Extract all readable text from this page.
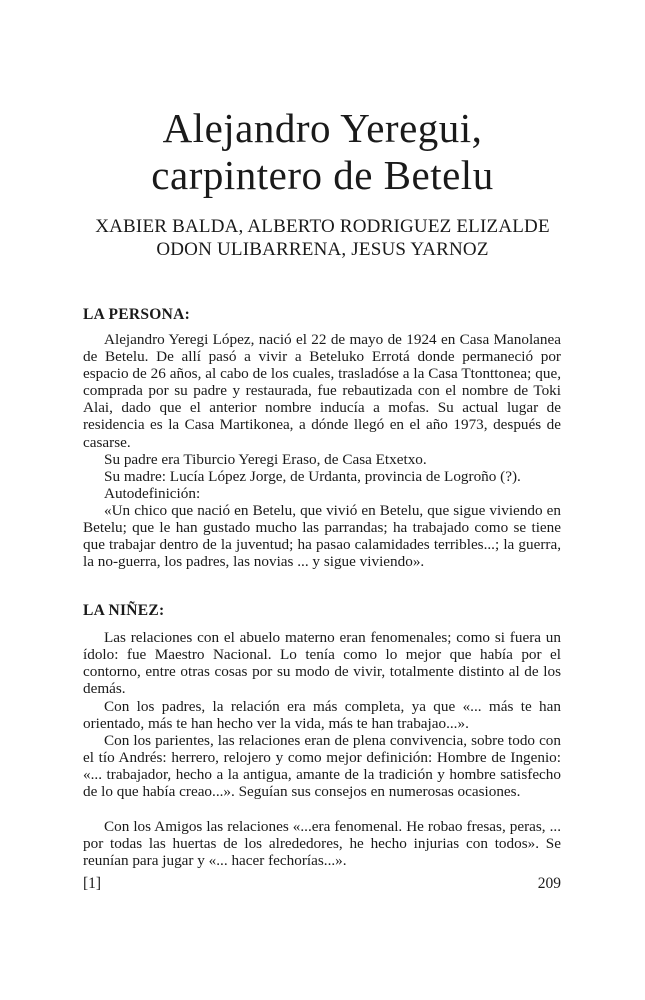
Alejandro Yeregui,
carpintero de Betelu
XABIER BALDA, ALBERTO RODRIGUEZ ELIZALDE
ODON ULIBARRENA, JESUS YARNOZ
LA PERSONA:

Alejandro Yeregi López, nació el 22 de mayo de 1924 en Casa Manolanea de Betelu. De allí pasó a vivir a Beteluko Errotá donde permaneció por espacio de 26 años, al cabo de los cuales, trasladóse a la Casa Ttonttonea; que, comprada por su padre y restaurada, fue rebautizada con el nombre de Toki Alai, dado que el anterior nombre inducía a mofas. Su actual lugar de residencia es la Casa Martikonea, a dónde llegó en el año 1973, después de casarse.

Su padre era Tiburcio Yeregi Eraso, de Casa Etxetxo.

Su madre: Lucía López Jorge, de Urdanta, provincia de Logroño (?).

Autodefinición:

«Un chico que nació en Betelu, que vivió en Betelu, que sigue viviendo en Betelu; que le han gustado mucho las parrandas; ha trabajado como se tiene que trabajar dentro de la juventud; ha pasao calamidades terribles...; la guerra, la no-guerra, los padres, las novias ... y sigue viviendo».

LA NIÑEZ:

Las relaciones con el abuelo materno eran fenomenales; como si fuera un ídolo: fue Maestro Nacional. Lo tenía como lo mejor que había por el contorno, entre otras cosas por su modo de vivir, totalmente distinto al de los demás.

Con los padres, la relación era más completa, ya que «... más te han orientado, más te han hecho ver la vida, más te han trabajao...».

Con los parientes, las relaciones eran de plena convivencia, sobre todo con el tío Andrés: herrero, relojero y como mejor definición: Hombre de Ingenio: «... trabajador, hecho a la antigua, amante de la tradición y hombre satisfecho de lo que había creao...». Seguían sus consejos en numerosas ocasiones.

Con los Amigos las relaciones «...era fenomenal. He robao fresas, peras, ... por todas las huertas de los alrededores, he hecho injurias con todos». Se reunían para jugar y «... hacer fechorías...».

[1]	209
